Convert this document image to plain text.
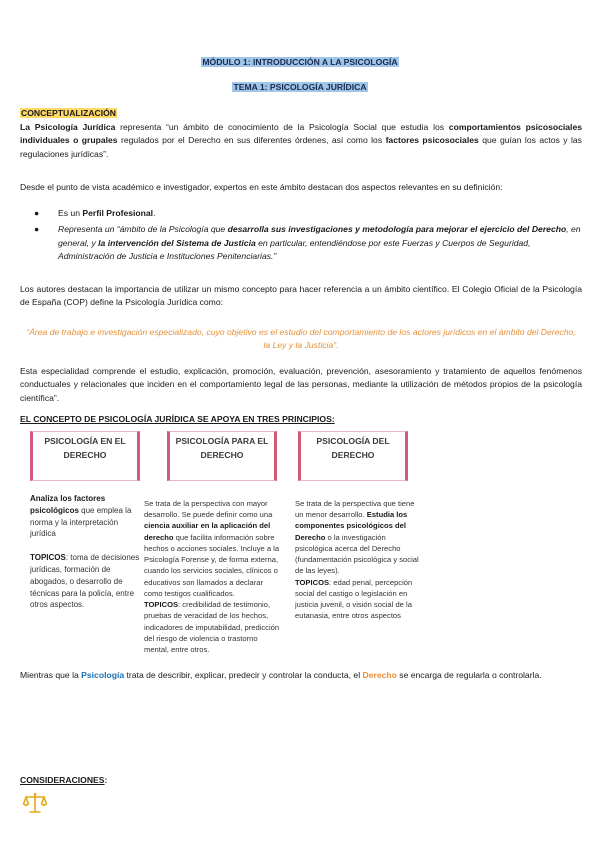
MÓDULO 1: INTRODUCCIÓN A LA PSICOLOGÍA
TEMA 1: PSICOLOGÍA JURÍDICA
CONCEPTUALIZACIÓN
La Psicología Jurídica representa “un ámbito de conocimiento de la Psicología Social que estudia los comportamientos psicosociales individuales o grupales regulados por el Derecho en sus diferentes órdenes, así como los factores psicosociales que guían los actos y las regulaciones jurídicas”.
Desde el punto de vista académico e investigador, expertos en este ámbito destacan dos aspectos relevantes en su definición:
● Es un Perfil Profesional.
● Representa un “ámbito de la Psicología que desarrolla sus investigaciones y metodología para mejorar el ejercicio del Derecho, en general, y la intervención del Sistema de Justicia en particular, entendiéndose por este Fuerzas y Cuerpos de Seguridad, Administración de Justicia e Instituciones Penitenciarias.”
Los autores destacan la importancia de utilizar un mismo concepto para hacer referencia a un ámbito científico. El Colegio Oficial de la Psicología de España (COP) define la Psicología Jurídica como:
“Área de trabajo e investigación especializado, cuyo objetivo es el estudio del comportamiento de los actores jurídicos en el ámbito del Derecho, la Ley y la Justicia”.
Esta especialidad comprende el estudio, explicación, promoción, evaluación, prevención, asesoramiento y tratamiento de aquellos fenómenos conductuales y relacionales que inciden en el comportamiento legal de las personas, mediante la utilización de métodos propios de la psicología científica”.
EL CONCEPTO DE PSICOLOGÍA JURÍDICA SE APOYA EN TRES PRINCIPIOS:
PSICOLOGÍA EN EL DERECHO
Analiza los factores psicológicos que emplea la norma y la interpretación jurídica

TOPICOS: toma de decisiones jurídicas, formación de abogados, o desarrollo de técnicas para la policía, entre otros aspectos.
PSICOLOGÍA PARA EL DERECHO
Se trata de la perspectiva con mayor desarrollo. Se puede definir como una ciencia auxiliar en la aplicación del derecho que facilita información sobre hechos o acciones sociales. Incluye a la Psicología Forense y, de forma externa, cuando los servicios sociales, clínicos o educativos son llamados a declarar como testigos cualificados.
TOPICOS: credibilidad de testimonio, pruebas de veracidad de los hechos, indicadores de imputabilidad, predicción del riesgo de violencia o trastorno mental, entre otros.
PSICOLOGÍA DEL DERECHO
Se trata de la perspectiva que tiene un menor desarrollo. Estudia los componentes psicológicos del Derecho o la investigación psicológica acerca del Derecho (fundamentación psicológica y social de las leyes).
TOPICOS: edad penal, percepción social del castigo o legislación en justicia juvenil, o visión social de la eutanasia, entre otros aspectos
Mientras que la Psicología trata de describir, explicar, predecir y controlar la conducta, el Derecho se encarga de regularla o controlarla.
CONSIDERACIONES:
